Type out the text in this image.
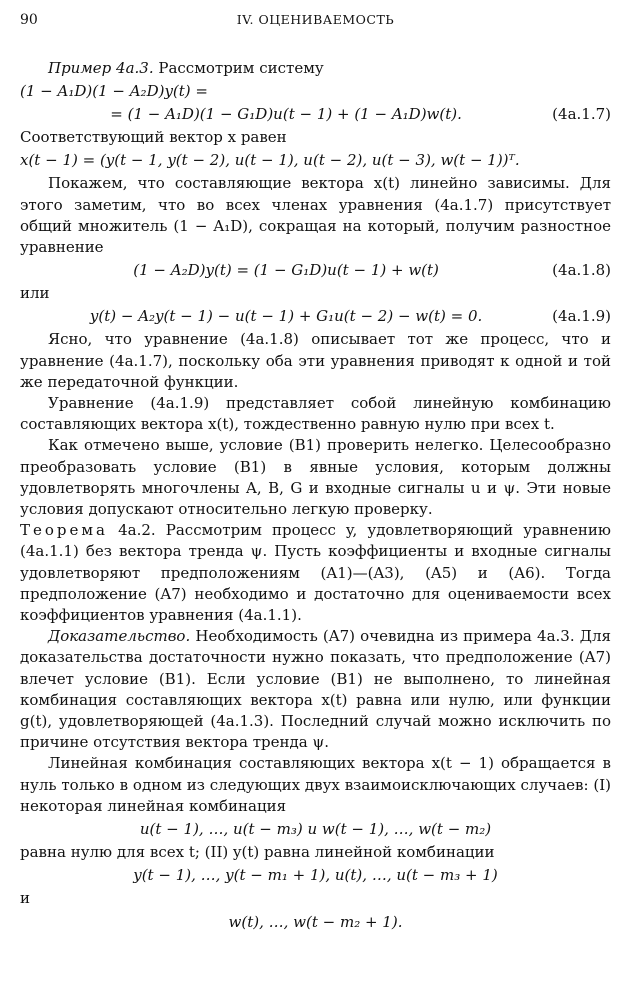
90	IV. ОЦЕНИВАЕМОСТЬ

Пример 4a.3. Рассмотрим систему

(1 − A₁D)(1 − A₂D)y(t) =
= (1 − A₁D)(1 − G₁D)u(t − 1) + (1 − A₁D)w(t).	(4a.1.7)

Соответствующий вектор x равен

x(t − 1) = (y(t − 1, y(t − 2), u(t − 1), u(t − 2), u(t − 3), w(t − 1))ᵀ.

Покажем, что составляющие вектора x(t) линейно зависимы. Для этого заметим, что во всех членах уравнения (4a.1.7) присутствует общий множитель (1 − A₁D), сокращая на который, получим разностное уравнение

(1 − A₂D)y(t) = (1 − G₁D)u(t − 1) + w(t)	(4a.1.8)

или

y(t) − A₂y(t − 1) − u(t − 1) + G₁u(t − 2) − w(t) = 0.	(4a.1.9)

Ясно, что уравнение (4a.1.8) описывает тот же процесс, что и уравнение (4a.1.7), поскольку оба эти уравнения приводят к одной и той же передаточной функции.

Уравнение (4a.1.9) представляет собой линейную комбинацию составляющих вектора x(t), тождественно равную нулю при всех t.

Как отмечено выше, условие (B1) проверить нелегко. Целесообразно преобразовать условие (B1) в явные условия, которым должны удовлетворять многочлены A, B, G и входные сигналы u и ψ. Эти новые условия допускают относительно легкую проверку.

Теорема 4a.2. Рассмотрим процесс y, удовлетворяющий уравнению (4a.1.1) без вектора тренда ψ. Пусть коэффициенты и входные сигналы удовлетворяют предположениям (A1)—(A3), (A5) и (A6). Тогда предположение (A7) необходимо и достаточно для оцениваемости всех коэффициентов уравнения (4a.1.1).

Доказательство. Необходимость (A7) очевидна из примера 4a.3. Для доказательства достаточности нужно показать, что предположение (A7) влечет условие (B1). Если условие (B1) не выполнено, то линейная комбинация составляющих вектора x(t) равна или нулю, или функции g(t), удовлетворяющей (4a.1.3). Последний случай можно исключить по причине отсутствия вектора тренда ψ.

Линейная комбинация составляющих вектора x(t − 1) обращается в нуль только в одном из следующих двух взаимоисключающих случаев: (I) некоторая линейная комбинация

u(t − 1), …, u(t − m₃) и w(t − 1), …, w(t − m₂)

равна нулю для всех t; (II) y(t) равна линейной комбинации

y(t − 1), …, y(t − m₁ + 1), u(t), …, u(t − m₃ + 1)

и

w(t), …, w(t − m₂ + 1).
